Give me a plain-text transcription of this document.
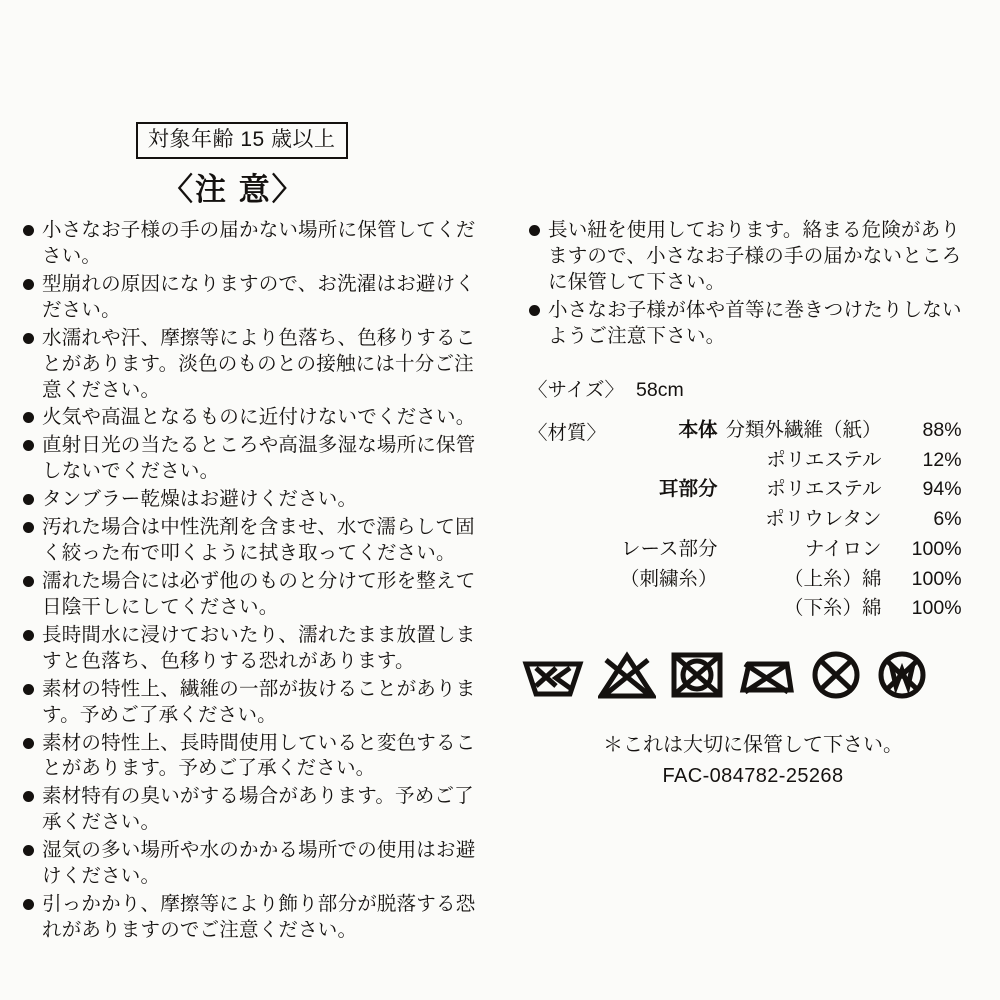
対象年齢 15 歳以上
〈注 意〉
小さなお子様の手の届かない場所に保管してください。
型崩れの原因になりますので、お洗濯はお避けください。
水濡れや汗、摩擦等により色落ち、色移りすることがあります。淡色のものとの接触には十分ご注意ください。
火気や高温となるものに近付けないでください。
直射日光の当たるところや高温多湿な場所に保管しないでください。
タンブラー乾燥はお避けください。
汚れた場合は中性洗剤を含ませ、水で濡らして固く絞った布で叩くように拭き取ってください。
濡れた場合には必ず他のものと分けて形を整えて日陰干しにしてください。
長時間水に浸けておいたり、濡れたまま放置しますと色落ち、色移りする恐れがあります。
素材の特性上、繊維の一部が抜けることがあります。予めご了承ください。
素材の特性上、長時間使用していると変色することがあります。予めご了承ください。
素材特有の臭いがする場合があります。予めご了承ください。
湿気の多い場所や水のかかる場所での使用はお避けください。
引っかかり、摩擦等により飾り部分が脱落する恐れがありますのでご注意ください。
長い紐を使用しております。絡まる危険がありますので、小さなお子様の手の届かないところに保管して下さい。
小さなお子様が体や首等に巻きつけたりしないようご注意下さい。
〈サイズ〉 58cm
〈材質〉	本体	分類外繊維（紙）	88%
	ポリエステル	12%
耳部分	ポリエステル	94%
	ポリウレタン	6%
レース部分	ナイロン	100%
（刺繍糸）	（上糸）綿	100%
	（下糸）綿	100%
＊これは大切に保管して下さい。
FAC-084782-25268
